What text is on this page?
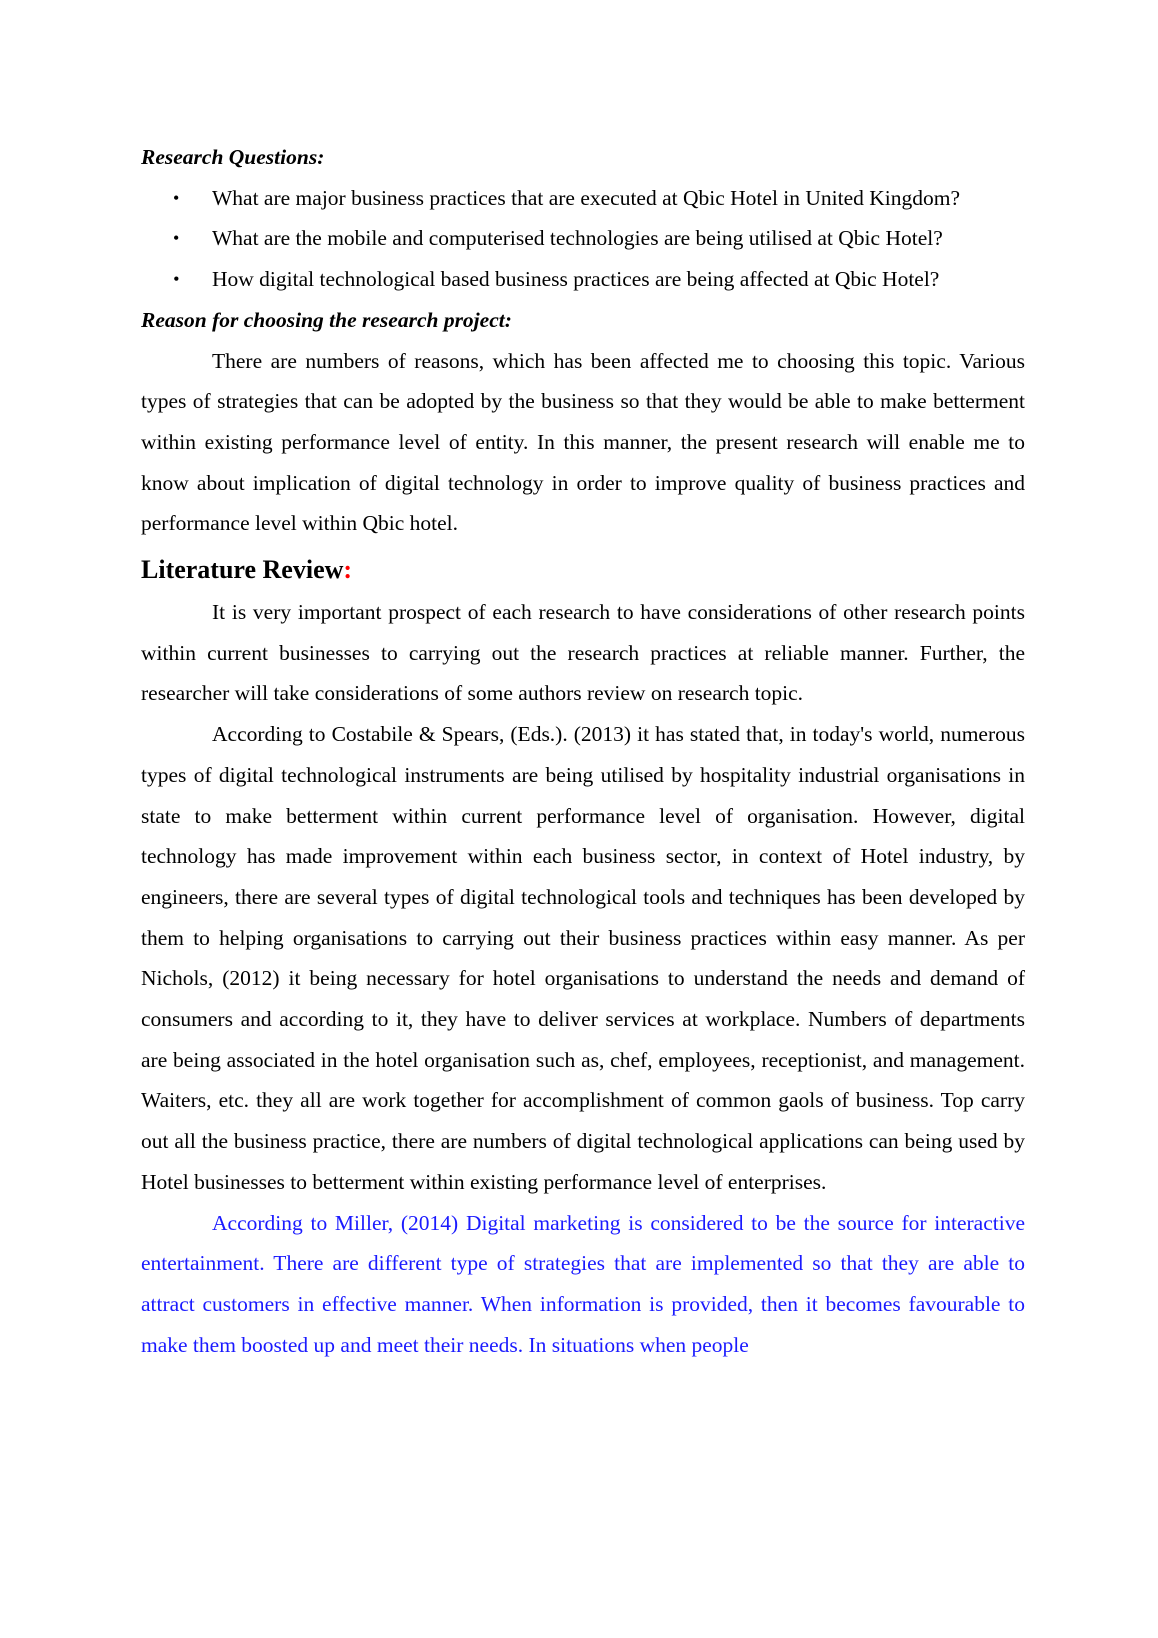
Research Questions:

• What are major business practices that are executed at Qbic Hotel in United Kingdom?
• What are the mobile and computerised technologies are being utilised at Qbic Hotel?
• How digital technological based business practices are being affected at Qbic Hotel?

Reason for choosing the research project:

There are numbers of reasons, which has been affected me to choosing this topic. Various types of strategies that can be adopted by the business so that they would be able to make betterment within existing performance level of entity. In this manner, the present research will enable me to know about implication of digital technology in order to improve quality of business practices and performance level within Qbic hotel.

Literature Review:

It is very important prospect of each research to have considerations of other research points within current businesses to carrying out the research practices at reliable manner. Further, the researcher will take considerations of some authors review on research topic.

According to Costabile & Spears, (Eds.). (2013) it has stated that, in today's world, numerous types of digital technological instruments are being utilised by hospitality industrial organisations in state to make betterment within current performance level of organisation. However, digital technology has made improvement within each business sector, in context of Hotel industry, by engineers, there are several types of digital technological tools and techniques has been developed by them to helping organisations to carrying out their business practices within easy manner. As per Nichols, (2012) it being necessary for hotel organisations to understand the needs and demand of consumers and according to it, they have to deliver services at workplace. Numbers of departments are being associated in the hotel organisation such as, chef, employees, receptionist, and management. Waiters, etc. they all are work together for accomplishment of common gaols of business. Top carry out all the business practice, there are numbers of digital technological applications can being used by Hotel businesses to betterment within existing performance level of enterprises.

According to Miller, (2014) Digital marketing is considered to be the source for interactive entertainment. There are different type of strategies that are implemented so that they are able to attract customers in effective manner. When information is provided, then it becomes favourable to make them boosted up and meet their needs. In situations when people
